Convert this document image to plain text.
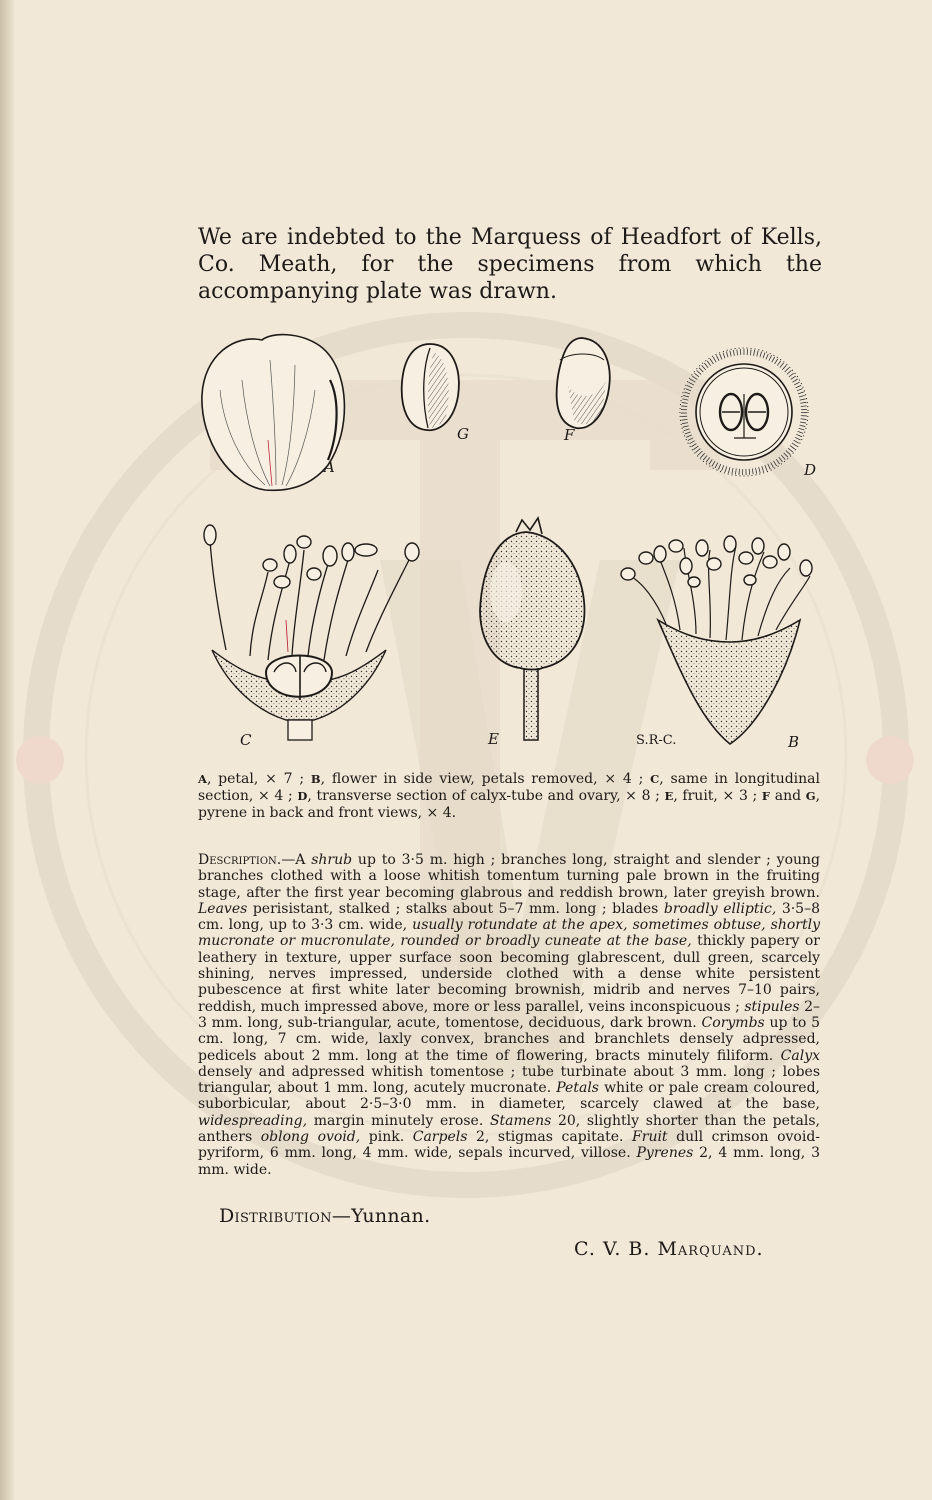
We are indebted to the Marquess of Headfort of Kells, Co. Meath, for the specimens from which the accompanying plate was drawn.

A
G	F
D
C	E	S.R-C.	B

A, petal, × 7 ; B, flower in side view, petals removed, × 4 ; C, same in longitudinal section, × 4 ; D, transverse section of calyx-tube and ovary, × 8 ; E, fruit, × 3 ; F and G, pyrene in back and front views, × 4.

Description.—A shrub up to 3·5 m. high ; branches long, straight and slender ; young branches clothed with a loose whitish tomentum turning pale brown in the fruiting stage, after the first year becoming glabrous and reddish brown, later greyish brown. Leaves perisistant, stalked ; stalks about 5–7 mm. long ; blades broadly elliptic, 3·5–8 cm. long, up to 3·3 cm. wide, usually rotundate at the apex, sometimes obtuse, shortly mucronate or mucronulate, rounded or broadly cuneate at the base, thickly papery or leathery in texture, upper surface soon becoming glabrescent, dull green, scarcely shining, nerves impressed, underside clothed with a dense white persistent pubescence at first white later becoming brownish, midrib and nerves 7–10 pairs, reddish, much impressed above, more or less parallel, veins inconspicuous ; stipules 2–3 mm. long, sub-triangular, acute, tomentose, deciduous, dark brown. Corymbs up to 5 cm. long, 7 cm. wide, laxly convex, branches and branchlets densely adpressed, pedicels about 2 mm. long at the time of flowering, bracts minutely filiform. Calyx densely and adpressed whitish tomentose ; tube turbinate about 3 mm. long ; lobes triangular, about 1 mm. long, acutely mucronate. Petals white or pale cream coloured, suborbicular, about 2·5–3·0 mm. in diameter, scarcely clawed at the base, widespreading, margin minutely erose. Stamens 20, slightly shorter than the petals, anthers oblong ovoid, pink. Carpels 2, stigmas capitate. Fruit dull crimson ovoid-pyriform, 6 mm. long, 4 mm. wide, sepals incurved, villose. Pyrenes 2, 4 mm. long, 3 mm. wide.

Distribution—Yunnan.

C. V. B. Marquand.
